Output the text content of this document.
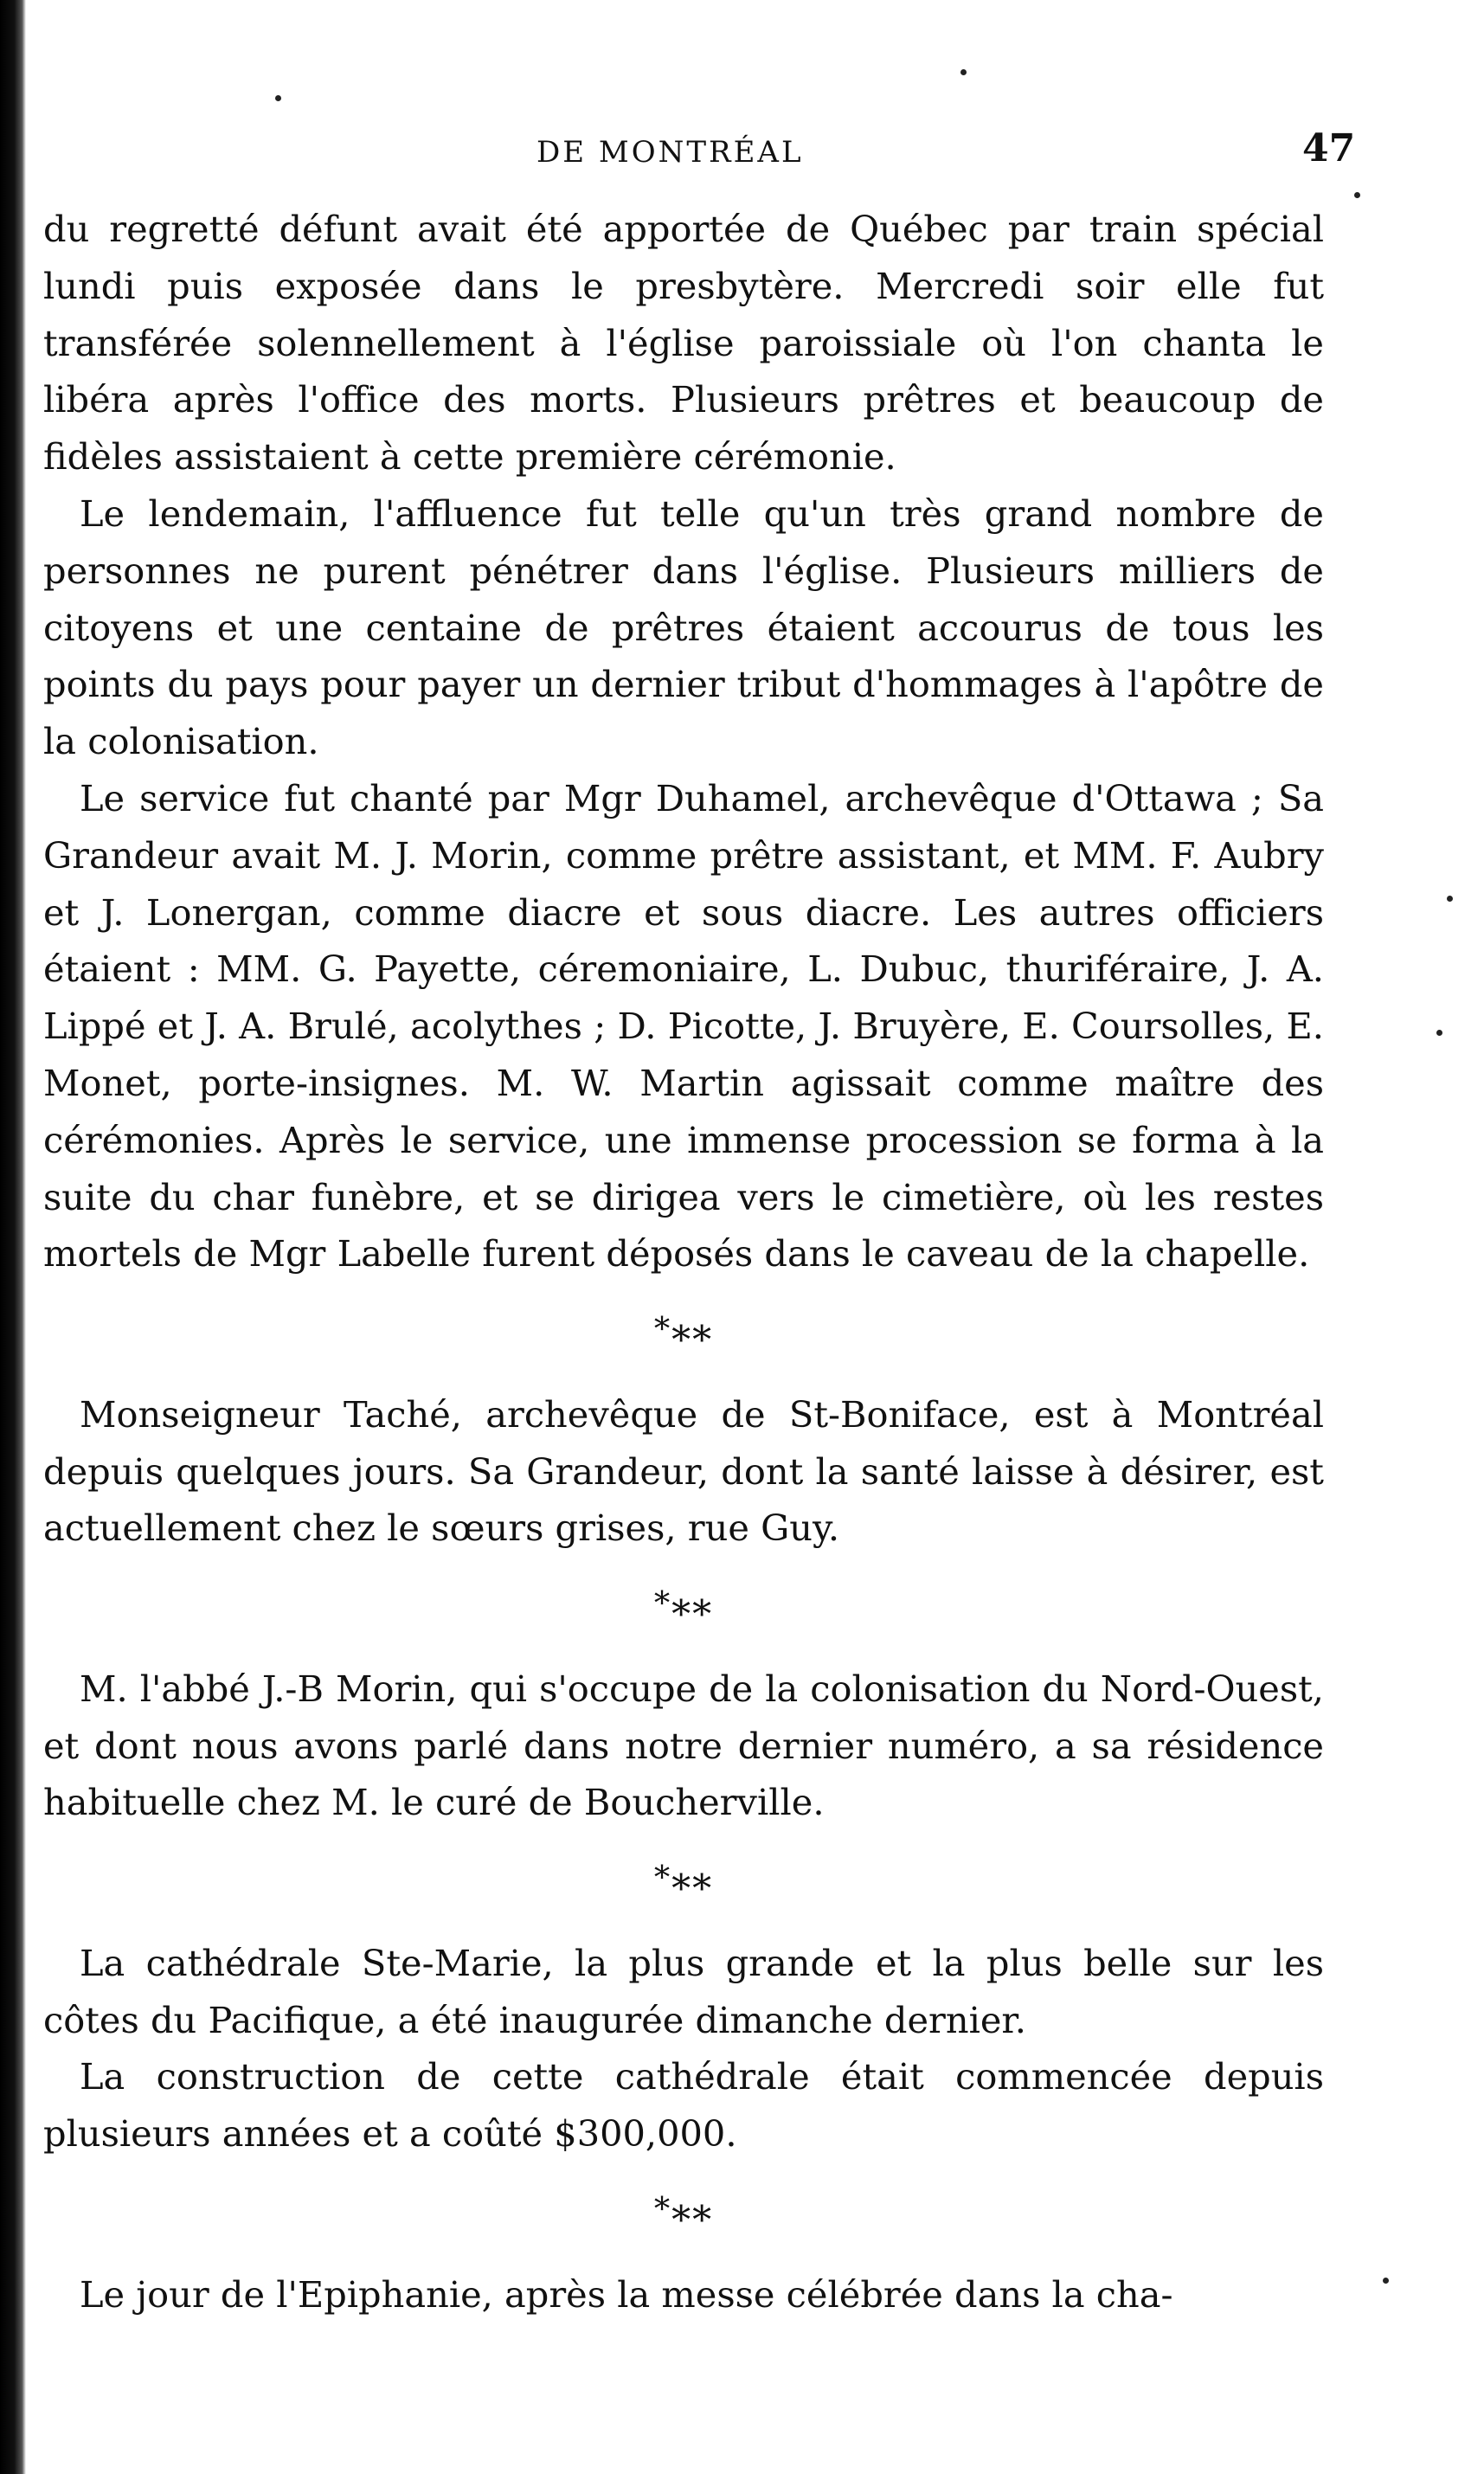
DE MONTRÉAL	47

du regretté défunt avait été apportée de Québec par train spécial lundi puis exposée dans le presbytère. Mercredi soir elle fut transférée solennellement à l'église paroissiale où l'on chanta le libéra après l'office des morts. Plusieurs prêtres et beaucoup de fidèles assistaient à cette première cérémonie.

Le lendemain, l'affluence fut telle qu'un très grand nombre de personnes ne purent pénétrer dans l'église. Plusieurs milliers de citoyens et une centaine de prêtres étaient accourus de tous les points du pays pour payer un dernier tribut d'hommages à l'apôtre de la colonisation.

Le service fut chanté par Mgr Duhamel, archevêque d'Ottawa ; Sa Grandeur avait M. J. Morin, comme prêtre assistant, et MM. F. Aubry et J. Lonergan, comme diacre et sous diacre. Les autres officiers étaient : MM. G. Payette, céremoniaire, L. Dubuc, thuriféraire, J. A. Lippé et J. A. Brulé, acolythes ; D. Picotte, J. Bruyère, E. Coursolles, E. Monet, porte-insignes. M. W. Martin agissait comme maître des cérémonies. Après le service, une immense procession se forma à la suite du char funèbre, et se dirigea vers le cimetière, où les restes mortels de Mgr Labelle furent déposés dans le caveau de la chapelle.

***

Monseigneur Taché, archevêque de St-Boniface, est à Montréal depuis quelques jours. Sa Grandeur, dont la santé laisse à désirer, est actuellement chez le sœurs grises, rue Guy.

***

M. l'abbé J.-B Morin, qui s'occupe de la colonisation du Nord-Ouest, et dont nous avons parlé dans notre dernier numéro, a sa résidence habituelle chez M. le curé de Boucherville.

***

La cathédrale Ste-Marie, la plus grande et la plus belle sur les côtes du Pacifique, a été inaugurée dimanche dernier.

La construction de cette cathédrale était commencée depuis plusieurs années et a coûté $300,000.

***

Le jour de l'Epiphanie, après la messe célébrée dans la cha-
